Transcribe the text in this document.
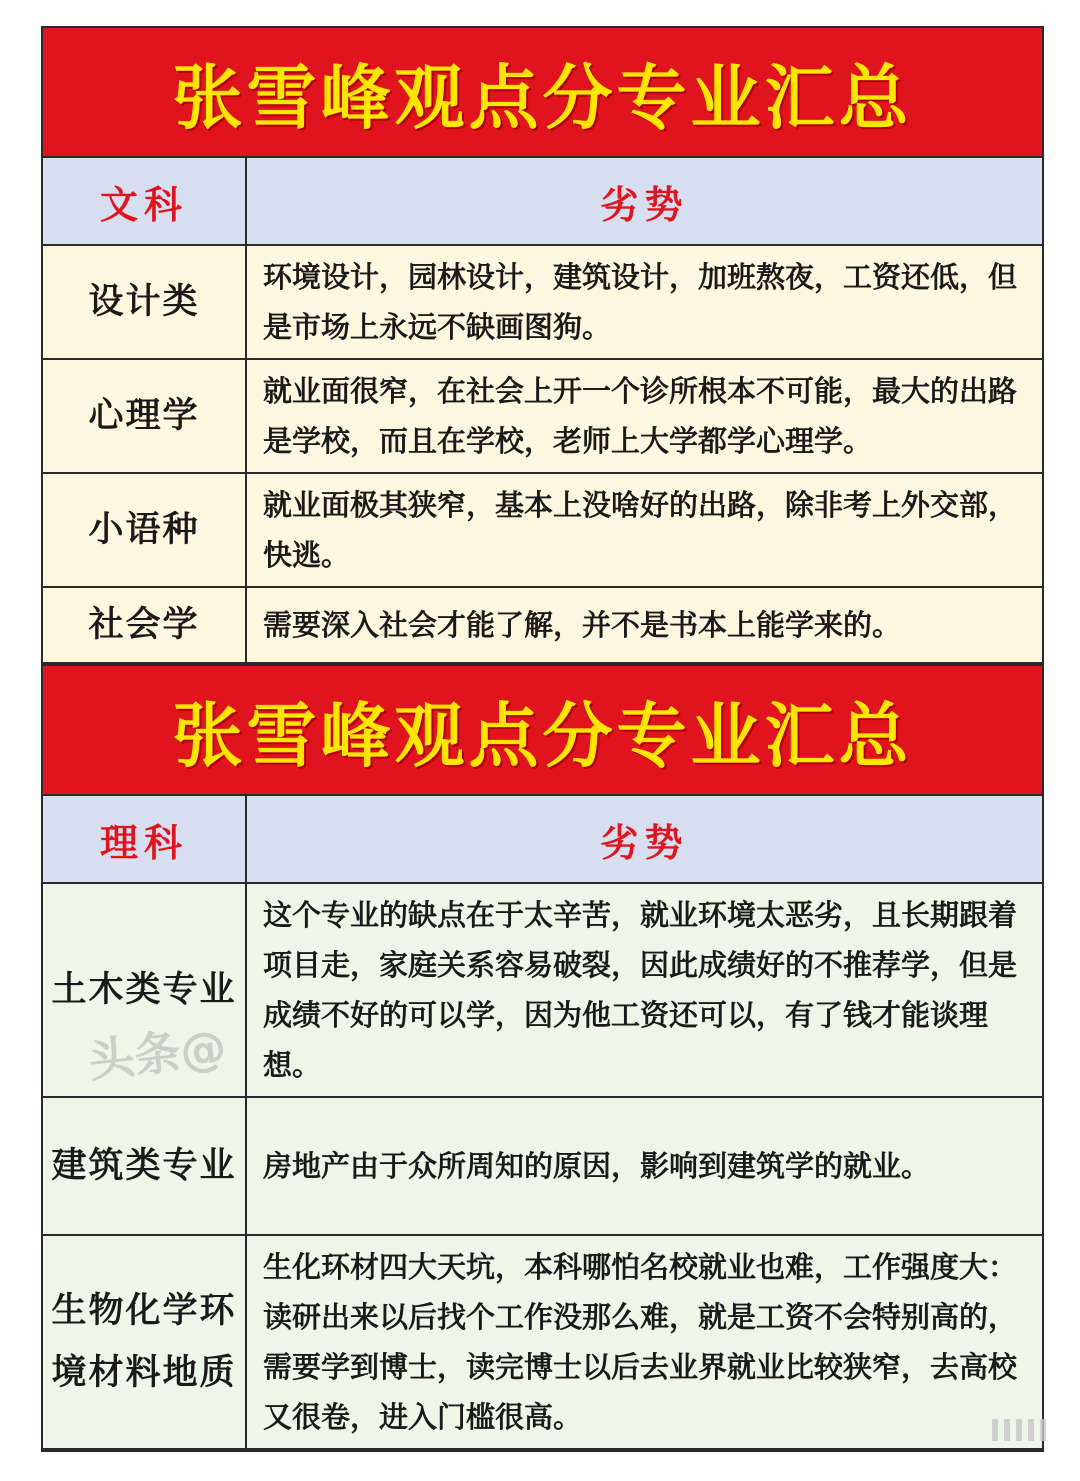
张雪峰观点分专业汇总
文科	劣势
设计类	环境设计，园林设计，建筑设计，加班熬夜，工资还低，但是市场上永远不缺画图狗。
心理学	就业面很窄，在社会上开一个诊所根本不可能，最大的出路是学校，而且在学校，老师上大学都学心理学。
小语种	就业面极其狭窄，基本上没啥好的出路，除非考上外交部，快逃。
社会学	需要深入社会才能了解，并不是书本上能学来的。
张雪峰观点分专业汇总
理科	劣势
土木类专业	这个专业的缺点在于太辛苦，就业环境太恶劣，且长期跟着项目走，家庭关系容易破裂，因此成绩好的不推荐学，但是成绩不好的可以学，因为他工资还可以，有了钱才能谈理想。
建筑类专业	房地产由于众所周知的原因，影响到建筑学的就业。
生物化学环境材料地质	生化环材四大天坑，本科哪怕名校就业也难，工作强度大：读研出来以后找个工作没那么难，就是工资不会特别高的，需要学到博士，读完博士以后去业界就业比较狭窄，去高校又很卷，进入门槛很高。
头条@
